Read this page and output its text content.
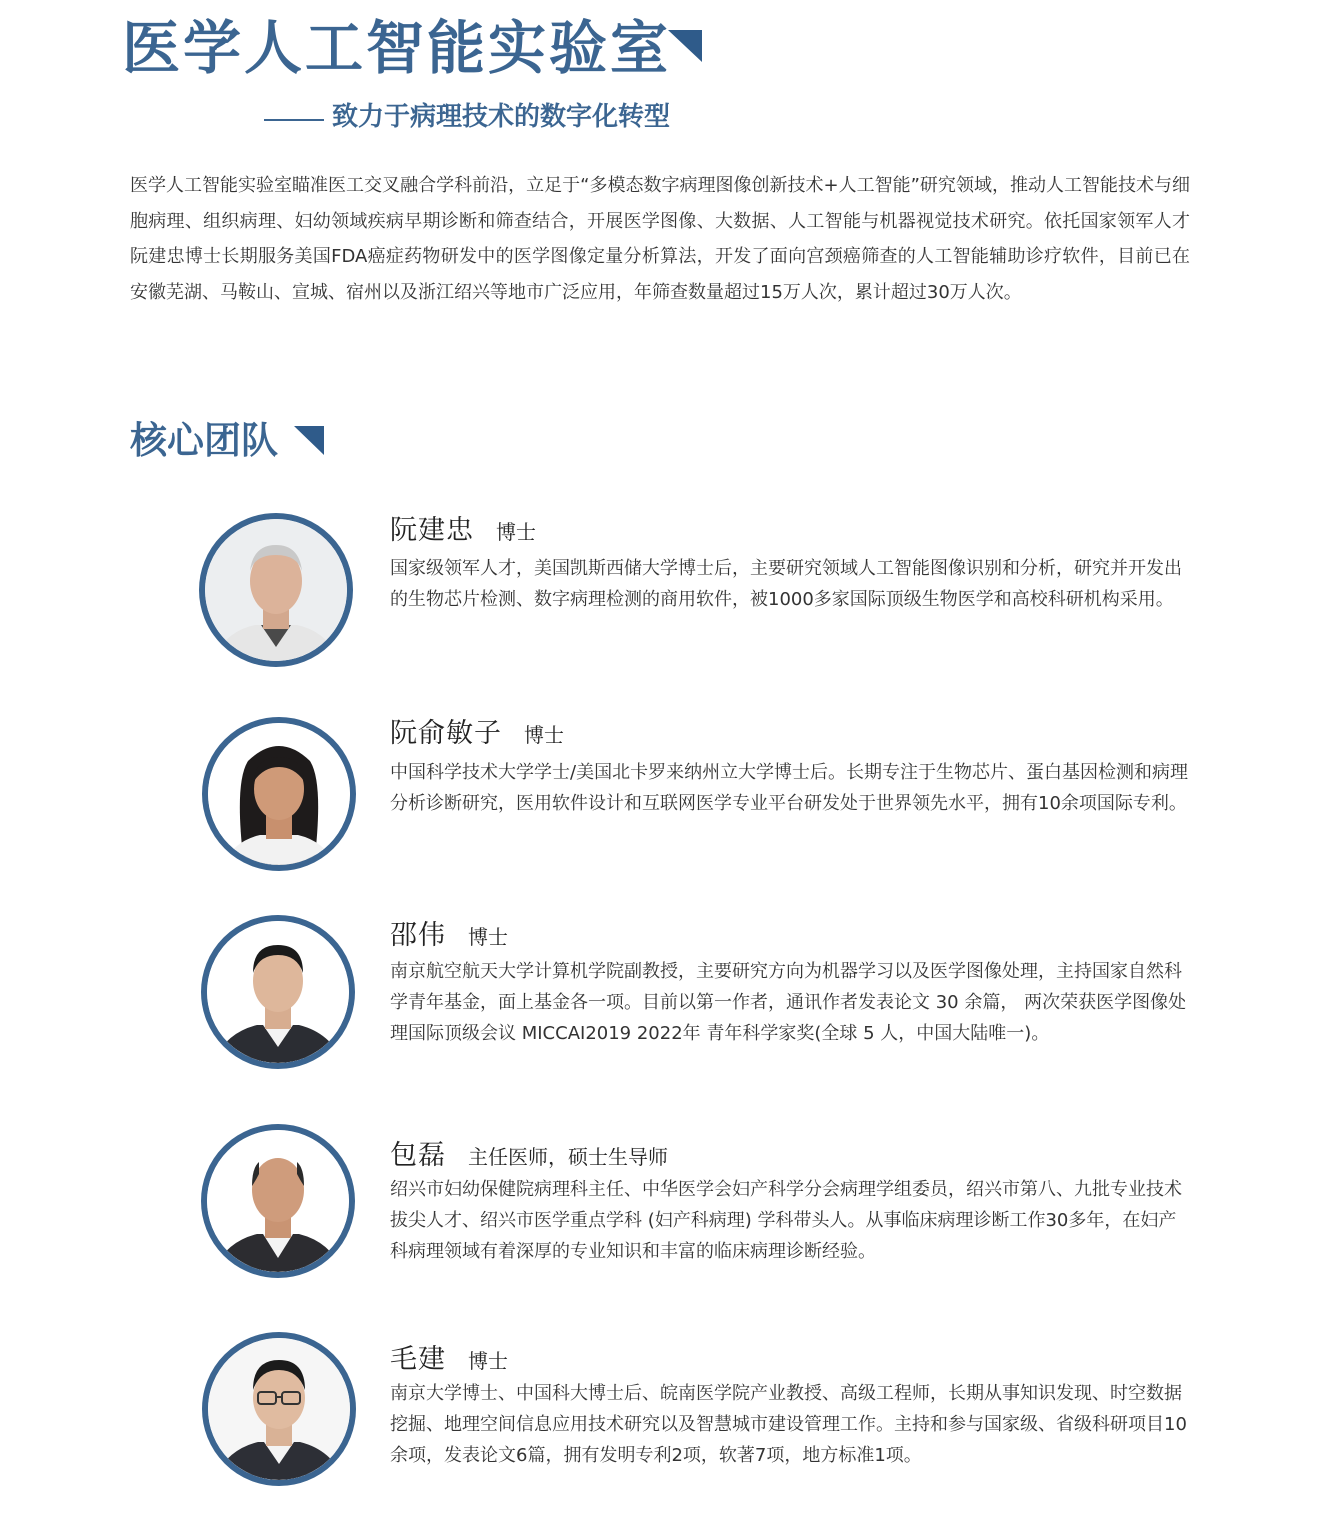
医学人工智能实验室
致力于病理技术的数字化转型

医学人工智能实验室瞄准医工交叉融合学科前沿，立足于“多模态数字病理图像创新技术+人工智能”研究领域，推动人工智能技术与细胞病理、组织病理、妇幼领域疾病早期诊断和筛查结合，开展医学图像、大数据、人工智能与机器视觉技术研究。依托国家领军人才阮建忠博士长期服务美国FDA癌症药物研发中的医学图像定量分析算法，开发了面向宫颈癌筛查的人工智能辅助诊疗软件，目前已在安徽芜湖、马鞍山、宣城、宿州以及浙江绍兴等地市广泛应用，年筛查数量超过15万人次，累计超过30万人次。

核心团队
阮建忠 博士

国家级领军人才，美国凯斯西储大学博士后，主要研究领域人工智能图像识别和分析，研究并开发出的生物芯片检测、数字病理检测的商用软件，被1000多家国际顶级生物医学和高校科研机构采用。

阮俞敏子 博士

中国科学技术大学学士/美国北卡罗来纳州立大学博士后。长期专注于生物芯片、蛋白基因检测和病理分析诊断研究，医用软件设计和互联网医学专业平台研发处于世界领先水平，拥有10余项国际专利。

邵伟 博士

南京航空航天大学计算机学院副教授，主要研究方向为机器学习以及医学图像处理，主持国家自然科学青年基金，面上基金各一项。目前以第一作者，通讯作者发表论文 30 余篇， 两次荣获医学图像处理国际顶级会议 MICCAI2019 2022年 青年科学家奖(全球 5 人，中国大陆唯一)。

包磊 主任医师，硕士生导师

绍兴市妇幼保健院病理科主任、中华医学会妇产科学分会病理学组委员，绍兴市第八、九批专业技术拔尖人才、绍兴市医学重点学科 (妇产科病理) 学科带头人。从事临床病理诊断工作30多年，在妇产科病理领域有着深厚的专业知识和丰富的临床病理诊断经验。

毛建 博士

南京大学博士、中国科大博士后、皖南医学院产业教授、高级工程师，长期从事知识发现、时空数据挖掘、地理空间信息应用技术研究以及智慧城市建设管理工作。主持和参与国家级、省级科研项目10余项，发表论文6篇，拥有发明专利2项，软著7项，地方标准1项。
